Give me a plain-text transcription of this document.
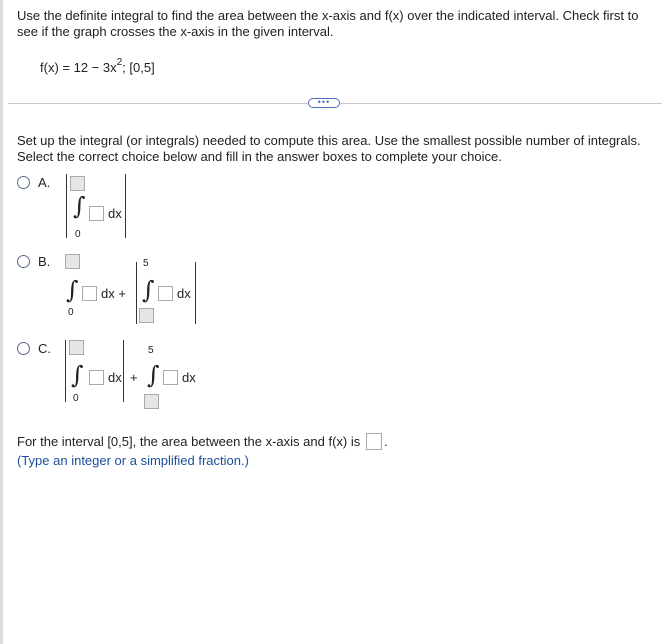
Use the definite integral to find the area between the x-axis and f(x) over the indicated interval. Check first to
see if the graph crosses the x-axis in the given interval.
$f(x) = 12 - 3x^2$; [0,5]
•••
Set up the integral (or integrals) needed to compute this area. Use the smallest possible number of integrals.
Select the correct choice below and fill in the answer boxes to complete your choice.
A.
∫ dx
0
B.
∫ dx +
0
5
∫ dx
C.
∫ dx
0
+
5
∫ dx
For the interval [0,5], the area between the x-axis and f(x) is .
(Type an integer or a simplified fraction.)
